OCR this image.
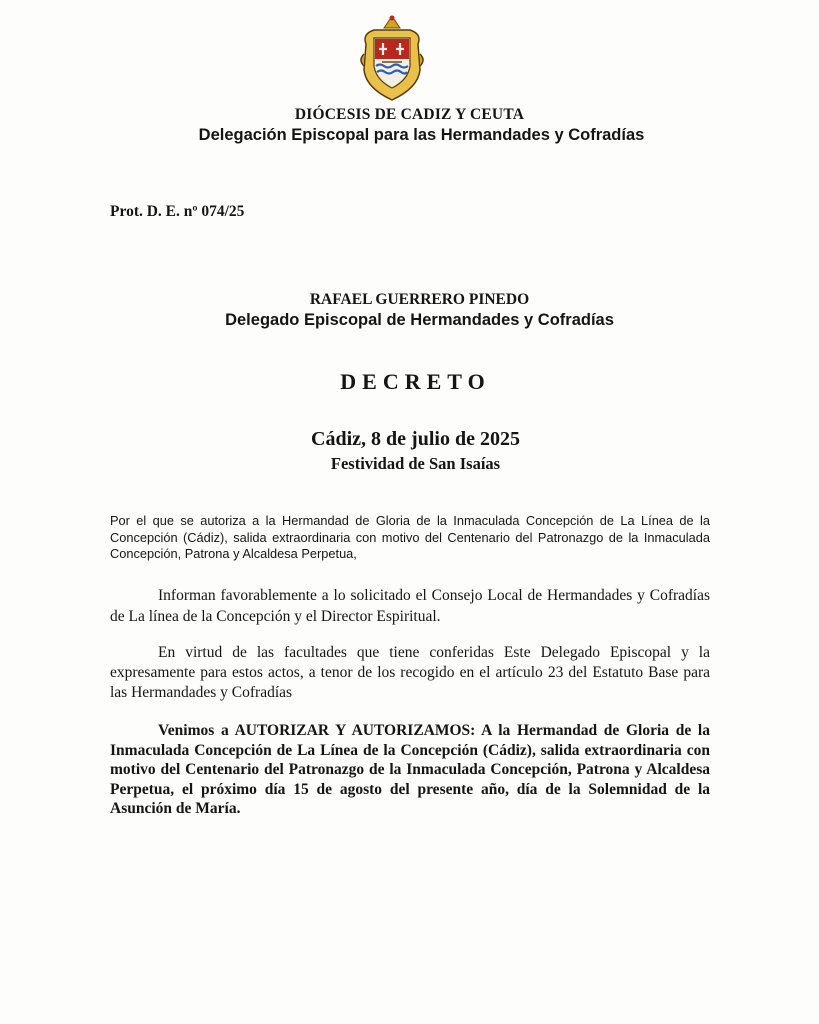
DIÓCESIS DE CADIZ Y CEUTA
Delegación Episcopal para las Hermandades y Cofradías
Prot. D. E. nº 074/25
RAFAEL GUERRERO PINEDO
Delegado Episcopal de Hermandades y Cofradías
DECRETO
Cádiz, 8 de julio de 2025
Festividad de San Isaías
Por el que se autoriza a la Hermandad de Gloria de la Inmaculada Concepción de La Línea de la Concepción (Cádiz), salida extraordinaria con motivo del Centenario del Patronazgo de la Inmaculada Concepción, Patrona y Alcaldesa Perpetua,
Informan favorablemente a lo solicitado el Consejo Local de Hermandades y Cofradías de La línea de la Concepción y el Director Espiritual.
En virtud de las facultades que tiene conferidas Este Delegado Episcopal y la expresamente para estos actos, a tenor de los recogido en el artículo 23 del Estatuto Base para las Hermandades y Cofradías
Venimos a AUTORIZAR Y AUTORIZAMOS: A la Hermandad de Gloria de la Inmaculada Concepción de La Línea de la Concepción (Cádiz), salida extraordinaria con motivo del Centenario del Patronazgo de la Inmaculada Concepción, Patrona y Alcaldesa Perpetua, el próximo día 15 de agosto del presente año, día de la Solemnidad de la Asunción de María.
